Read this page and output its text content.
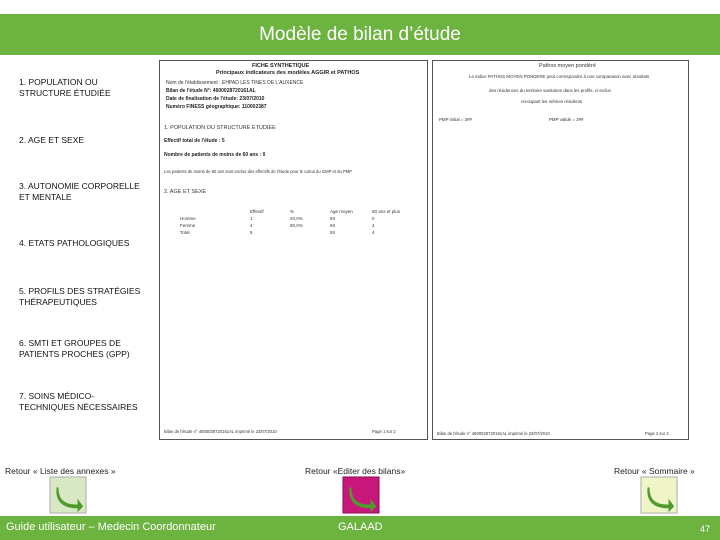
Modèle de bilan d’étude
1. POPULATION OU
STRUCTURE ÉTUDIÉE
2. AGE ET SEXE
3. AUTONOMIE CORPORELLE
ET MENTALE
4. ETATS PATHOLOGIQUES
5. PROFILS DES STRATÉGIES
THÉRAPEUTIQUES
6. SMTI ET GROUPES DE
PATIENTS PROCHES (GPP)
7. SOINS MÉDICO-
TECHNIQUES NÉCESSAIRES
FICHE SYNTHETIQUE
Principaux indicateurs des modèles AGGIR et PATHOS
Nom de l'établissement : EHPAD LES TINES DE L'AUXENCE
Bilan de l'étude N°: 4600028720161AL
Date de finalisation de l'étude: 23/07/2010
Numéro FINESS géographique: 110002387
1. POPULATION OU STRUCTURE ETUDIEE
Effectif total de l'étude : 5
Nombre de patients de moins de 60 ans : 0
Les patients de moins de 60 ans sont exclus des effectifs de l'étude pour le calcul du GMP et du PMP
2. AGE ET SEXE
	Effectif	%	Age moyen	60 ans et plus
Homme	1	20,0%	93	0
Femme	4	80,0%	93	4
Total	5		93	4
Bilan de l'étude n° 4600028720161AL imprimé le 23/07/2010	Page 1 sur 2
Pathos moyen pondéré
Le indice PATHOS MOYEN PONDERE peut correspondre à une comparaison avec résultats
des résidences du territoire sanitaires dans les profils, ci-inclus
recoupant les mêmes résidents
PMP initial = 3##	PMP validé = 3##
Bilan de l'étude n° 4600028720161AL imprimé le 23/07/2010	Page 2 sur 2
Retour « Liste des annexes »	Retour «Editer des bilans»	Retour « Sommaire »
Guide utilisateur – Medecin Coordonnateur	GALAAD	47
